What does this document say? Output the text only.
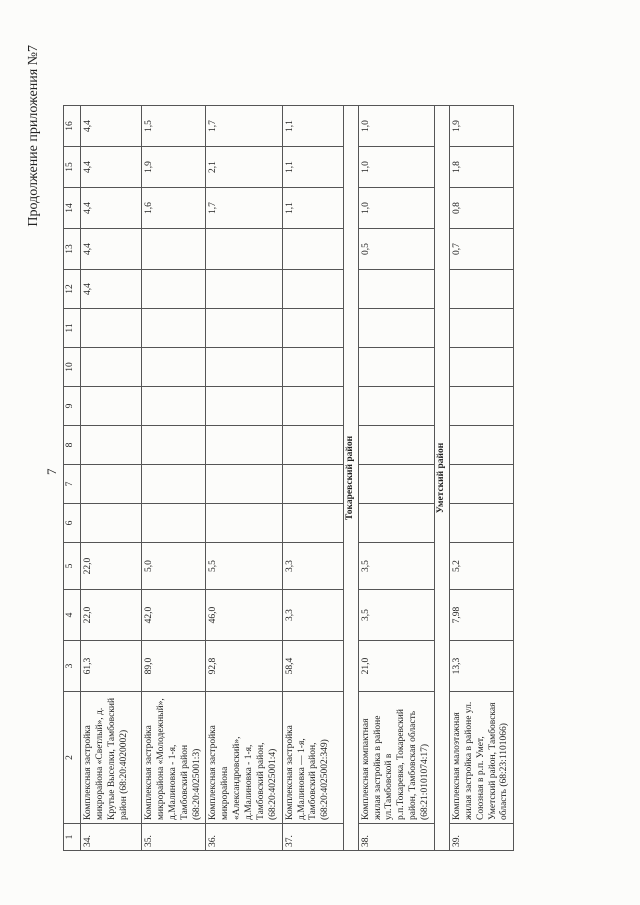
Продолжение приложения №7
7
1	2	3	4	5	6	7	8	9	10	11	12	13	14	15	16
34.	Комплексная застройка микрорайона «Светлый», д. Крутые Выселки, Тамбовский район (68:20:4020002)	61,3	22,0	22,0							4,4	4,4	4,4	4,4	4,4
35.	Комплексная застройка микрорайона «Молодежный», д.Малиновка - 1-я, Тамбовский район (68:20:4025001:3)	89,0	42,0	5,0									1,6	1,9	1,5
36.	Комплексная застройка микрорайона «Александровский», д.Малиновка - 1-я, Тамбовский район, (68:20:4025001:4)	92,8	46,0	5,5									1,7	2,1	1,7
37.	Комплексная застройка д.Малиновка — 1-я, Тамбовский район, (68:20:4025002:349)	58,4	3,3	3,3									1,1	1,1	1,1
Токаревский район															
38.	Комплексная компактная жилая застройка в районе ул.Тамбовской в р.п.Токаревка, Токаревский район, Тамбовская область (68:21:0101074:17)	21,0	3,5	3,5								0,5	1,0	1,0	1,0
Уметский район															
39.	Комплексная малоэтажная жилая застройка в районе ул. Союзная в р.п. Умет, Уметский район, Тамбовская область (68:23:1101066)	13,3	7,98	5,2								0,7	0,8	1,8	1,9
